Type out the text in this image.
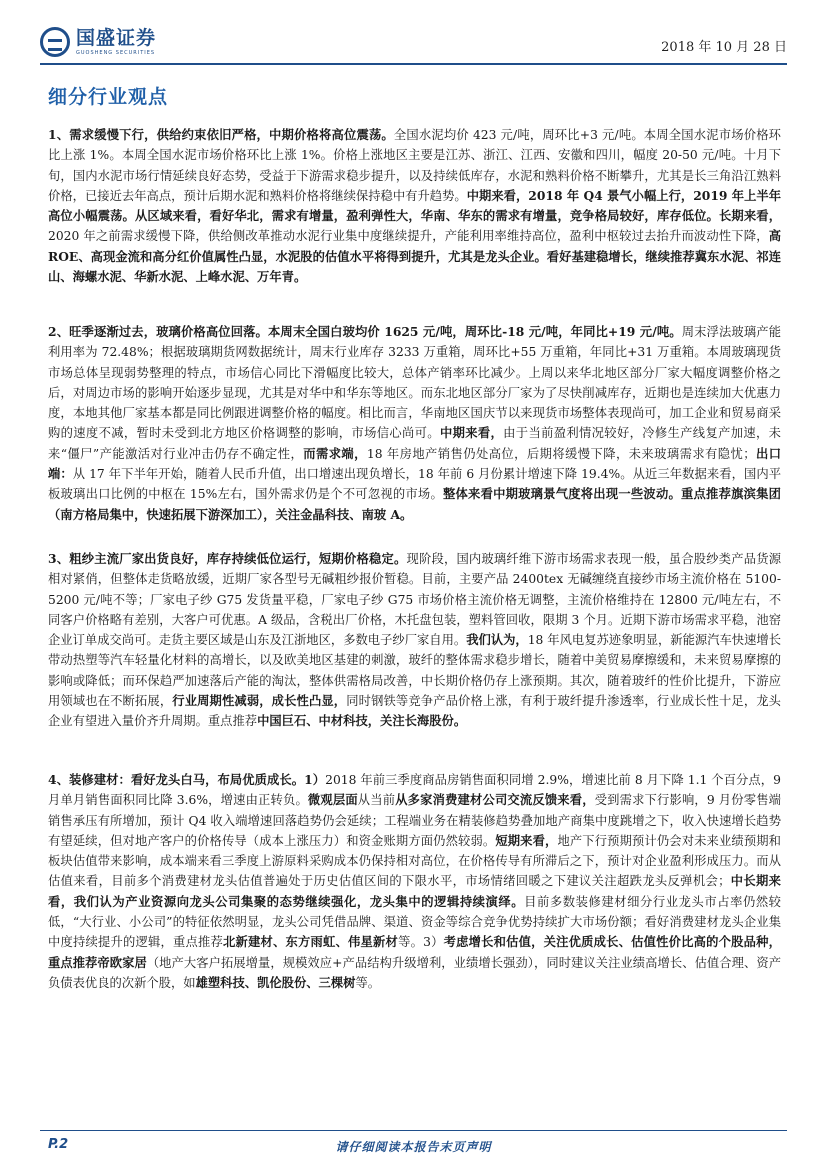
国盛证券
GUOSHENG SECURITIES	2018 年 10 月 28 日
细分行业观点

1、需求缓慢下行，供给约束依旧严格，中期价格将高位震荡。全国水泥均价 423 元/吨，周环比+3 元/吨。本周全国水泥市场价格环比上涨 1%。本周全国水泥市场价格环比上涨 1%。价格上涨地区主要是江苏、浙江、江西、安徽和四川，幅度 20-50 元/吨。十月下旬，国内水泥市场行情延续良好态势，受益于下游需求稳步提升，以及持续低库存，水泥和熟料价格不断攀升，尤其是长三角沿江熟料价格，已接近去年高点，预计后期水泥和熟料价格将继续保持稳中有升趋势。中期来看，2018 年 Q4 景气小幅上行，2019 年上半年高位小幅震荡。从区域来看，看好华北，需求有增量，盈利弹性大，华南、华东的需求有增量，竞争格局较好，库存低位。长期来看，2020 年之前需求缓慢下降，供给侧改革推动水泥行业集中度继续提升，产能利用率维持高位，盈利中枢较过去抬升而波动性下降，高 ROE、高现金流和高分红价值属性凸显，水泥股的估值水平将得到提升，尤其是龙头企业。看好基建稳增长，继续推荐冀东水泥、祁连山、海螺水泥、华新水泥、上峰水泥、万年青。

2、旺季逐渐过去，玻璃价格高位回落。本周末全国白玻均价 1625 元/吨，周环比-18 元/吨，年同比+19 元/吨。周末浮法玻璃产能利用率为 72.48%；根据玻璃期货网数据统计，周末行业库存 3233 万重箱，周环比+55 万重箱，年同比+31 万重箱。本周玻璃现货市场总体呈现弱势整理的特点，市场信心同比下滑幅度比较大，总体产销率环比减少。上周以来华北地区部分厂家大幅度调整价格之后，对周边市场的影响开始逐步显现，尤其是对华中和华东等地区。而东北地区部分厂家为了尽快削减库存，近期也是连续加大优惠力度，本地其他厂家基本都是同比例跟进调整价格的幅度。相比而言，华南地区国庆节以来现货市场整体表现尚可，加工企业和贸易商采购的速度不减，暂时未受到北方地区价格调整的影响，市场信心尚可。中期来看，由于当前盈利情况较好，冷修生产线复产加速，未来“僵尸”产能激活对行业冲击仍存不确定性，而需求端，18 年房地产销售仍处高位，后期将缓慢下降，未来玻璃需求有隐忧；出口端：从 17 年下半年开始，随着人民币升值，出口增速出现负增长，18 年前 6 月份累计增速下降 19.4%。从近三年数据来看，国内平板玻璃出口比例的中枢在 15%左右，国外需求仍是个不可忽视的市场。整体来看中期玻璃景气度将出现一些波动。重点推荐旗滨集团（南方格局集中，快速拓展下游深加工），关注金晶科技、南玻 A。

3、粗纱主流厂家出货良好，库存持续低位运行，短期价格稳定。现阶段，国内玻璃纤维下游市场需求表现一般，虽合股纱类产品货源相对紧俏，但整体走货略放缓，近期厂家各型号无碱粗纱报价暂稳。目前，主要产品 2400tex 无碱缠绕直接纱市场主流价格在 5100-5200 元/吨不等；厂家电子纱 G75 发货量平稳，厂家电子纱 G75 市场价格主流价格无调整，主流价格维持在 12800 元/吨左右，不同客户价格略有差别，大客户可优惠。A 级品，含税出厂价格，木托盘包装，塑料管回收，限期 3 个月。近期下游市场需求平稳，池窑企业订单成交尚可。走货主要区域是山东及江浙地区，多数电子纱厂家自用。我们认为，18 年风电复苏迹象明显，新能源汽车快速增长带动热塑等汽车轻量化材料的高增长，以及欧美地区基建的刺激，玻纤的整体需求稳步增长，随着中美贸易摩擦缓和，未来贸易摩擦的影响或降低；而环保趋严加速落后产能的淘汰，整体供需格局改善，中长期价格仍存上涨预期。其次，随着玻纤的性价比提升，下游应用领域也在不断拓展，行业周期性减弱，成长性凸显，同时钢铁等竞争产品价格上涨，有利于玻纤提升渗透率，行业成长性十足，龙头企业有望进入量价齐升周期。重点推荐中国巨石、中材科技，关注长海股份。

4、装修建材：看好龙头白马，布局优质成长。1）2018 年前三季度商品房销售面积同增 2.9%，增速比前 8 月下降 1.1 个百分点，9 月单月销售面积同比降 3.6%，增速由正转负。微观层面从当前从多家消费建材公司交流反馈来看，受到需求下行影响，9 月份零售端销售承压有所增加，预计 Q4 收入端增速回落趋势仍会延续；工程端业务在精装修趋势叠加地产商集中度跳增之下，收入快速增长趋势有望延续，但对地产客户的价格传导（成本上涨压力）和资金账期方面仍然较弱。短期来看，地产下行预期预计仍会对未来业绩预期和板块估值带来影响，成本端来看三季度上游原料采购成本仍保持相对高位，在价格传导有所滞后之下，预计对企业盈利形成压力。而从估值来看，目前多个消费建材龙头估值普遍处于历史估值区间的下限水平，市场情绪回暖之下建议关注超跌龙头反弹机会；中长期来看，我们认为产业资源向龙头公司集聚的态势继续强化，龙头集中的逻辑持续演绎。目前多数装修建材细分行业龙头市占率仍然较低，“大行业、小公司”的特征依然明显，龙头公司凭借品牌、渠道、资金等综合竞争优势持续扩大市场份额；看好消费建材龙头企业集中度持续提升的逻辑，重点推荐北新建材、东方雨虹、伟星新材等。3）考虑增长和估值，关注优质成长、估值性价比高的个股品种，重点推荐帝欧家居（地产大客户拓展增量，规模效应+产品结构升级增利，业绩增长强劲），同时建议关注业绩高增长、估值合理、资产负债表优良的次新个股，如雄塑科技、凯伦股份、三棵树等。

P.2	请仔细阅读本报告末页声明
